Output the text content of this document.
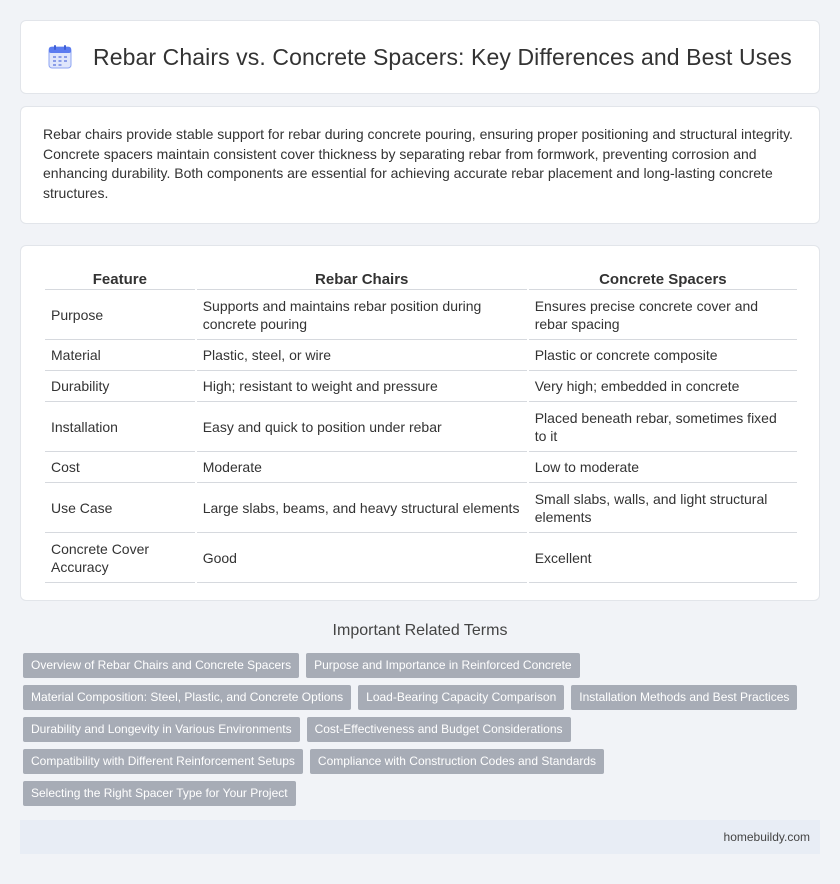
Rebar Chairs vs. Concrete Spacers: Key Differences and Best Uses

Rebar chairs provide stable support for rebar during concrete pouring, ensuring proper positioning and structural integrity. Concrete spacers maintain consistent cover thickness by separating rebar from formwork, preventing corrosion and enhancing durability. Both components are essential for achieving accurate rebar placement and long-lasting concrete structures.

Feature	Rebar Chairs	Concrete Spacers
Purpose	Supports and maintains rebar position during concrete pouring	Ensures precise concrete cover and rebar spacing
Material	Plastic, steel, or wire	Plastic or concrete composite
Durability	High; resistant to weight and pressure	Very high; embedded in concrete
Installation	Easy and quick to position under rebar	Placed beneath rebar, sometimes fixed to it
Cost	Moderate	Low to moderate
Use Case	Large slabs, beams, and heavy structural elements	Small slabs, walls, and light structural elements
Concrete Cover Accuracy	Good	Excellent
Important Related Terms
Overview of Rebar Chairs and Concrete Spacers	Purpose and Importance in Reinforced Concrete
Material Composition: Steel, Plastic, and Concrete Options	Load-Bearing Capacity Comparison	Installation Methods and Best Practices
Durability and Longevity in Various Environments	Cost-Effectiveness and Budget Considerations
Compatibility with Different Reinforcement Setups	Compliance with Construction Codes and Standards
Selecting the Right Spacer Type for Your Project
homebuildy.com
